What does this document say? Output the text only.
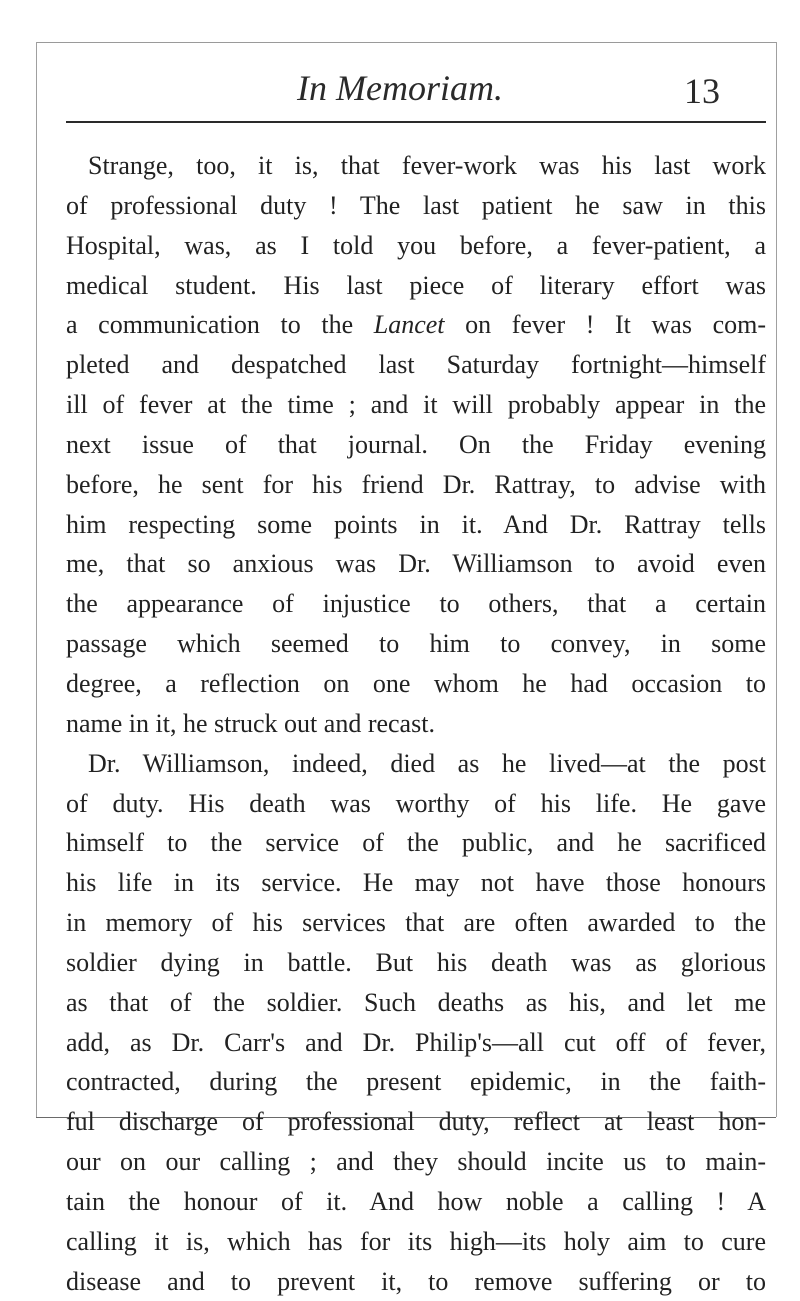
In Memoriam.	13
Strange, too, it is, that fever-work was his last work
of professional duty ! The last patient he saw in this
Hospital, was, as I told you before, a fever-patient, a
medical student. His last piece of literary effort was
a communication to the Lancet on fever ! It was com-
pleted and despatched last Saturday fortnight—himself
ill of fever at the time ; and it will probably appear in the
next issue of that journal. On the Friday evening
before, he sent for his friend Dr. Rattray, to advise with
him respecting some points in it. And Dr. Rattray tells
me, that so anxious was Dr. Williamson to avoid even
the appearance of injustice to others, that a certain
passage which seemed to him to convey, in some
degree, a reflection on one whom he had occasion to
name in it, he struck out and recast.
Dr. Williamson, indeed, died as he lived—at the post
of duty. His death was worthy of his life. He gave
himself to the service of the public, and he sacrificed
his life in its service. He may not have those honours
in memory of his services that are often awarded to the
soldier dying in battle. But his death was as glorious
as that of the soldier. Such deaths as his, and let me
add, as Dr. Carr's and Dr. Philip's—all cut off of fever,
contracted, during the present epidemic, in the faith-
ful discharge of professional duty, reflect at least hon-
our on our calling ; and they should incite us to main-
tain the honour of it. And how noble a calling ! A
calling it is, which has for its high—its holy aim to cure
disease and to prevent it, to remove suffering or to
